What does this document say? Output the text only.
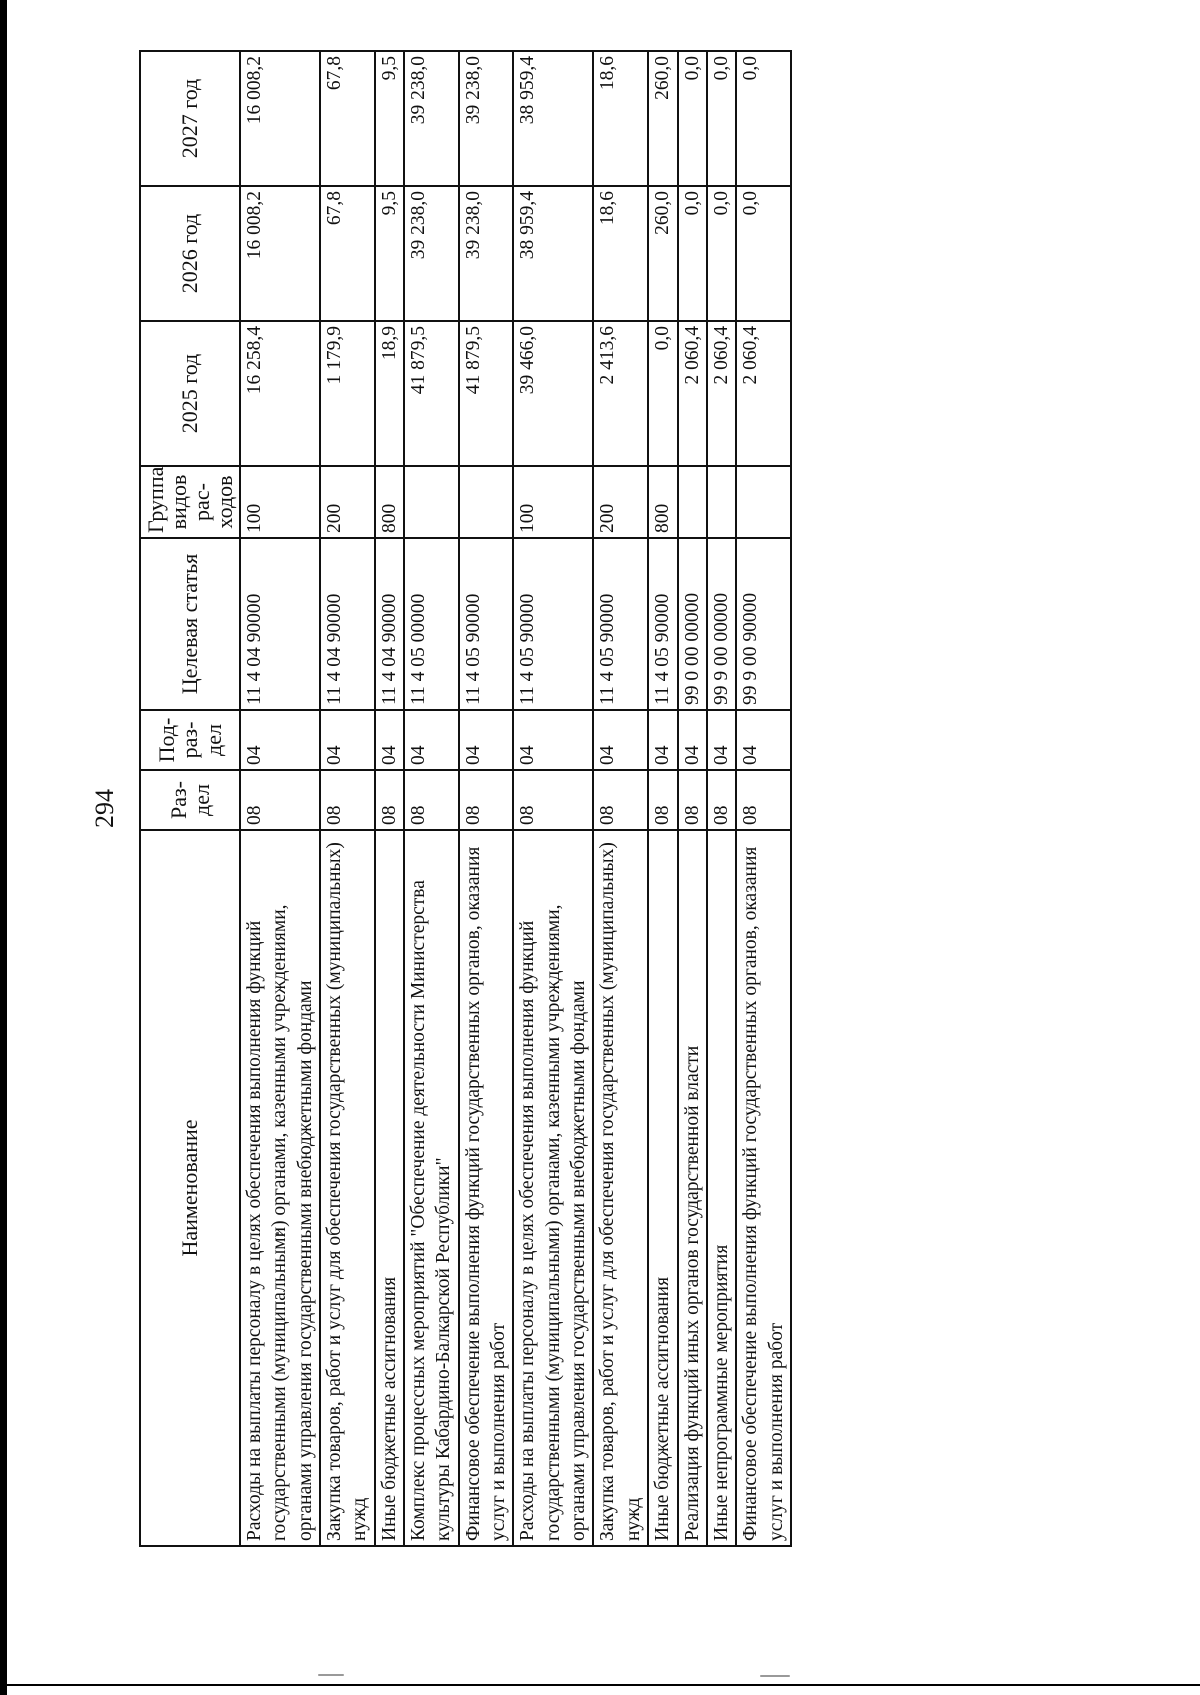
294
Наименование	Раз-дел	Под-раз-дел	Целевая статья	Группа видов рас-ходов	2025 год	2026 год	2027 год
Расходы на выплаты персоналу в целях обеспечения выполнения функций государственными (муниципальными) органами, казенными учреждениями, органами управления государственными внебюджетными фондами	08	04	11 4 04 90000	100	16 258,4	16 008,2	16 008,2
Закупка товаров, работ и услуг для обеспечения государственных (муниципальных) нужд	08	04	11 4 04 90000	200	1 179,9	67,8	67,8
Иные бюджетные ассигнования	08	04	11 4 04 90000	800	18,9	9,5	9,5
Комплекс процессных мероприятий "Обеспечение деятельности Министерства культуры Кабардино-Балкарской Республики"	08	04	11 4 05 00000		41 879,5	39 238,0	39 238,0
Финансовое обеспечение выполнения функций государственных органов, оказания услуг и выполнения работ	08	04	11 4 05 90000		41 879,5	39 238,0	39 238,0
Расходы на выплаты персоналу в целях обеспечения выполнения функций государственными (муниципальными) органами, казенными учреждениями, органами управления государственными внебюджетными фондами	08	04	11 4 05 90000	100	39 466,0	38 959,4	38 959,4
Закупка товаров, работ и услуг для обеспечения государственных (муниципальных) нужд	08	04	11 4 05 90000	200	2 413,6	18,6	18,6
Иные бюджетные ассигнования	08	04	11 4 05 90000	800	0,0	260,0	260,0
Реализация функций иных органов государственной власти	08	04	99 0 00 00000		2 060,4	0,0	0,0
Иные непрограммные мероприятия	08	04	99 9 00 00000		2 060,4	0,0	0,0
Финансовое обеспечение выполнения функций государственных органов, оказания услуг и выполнения работ	08	04	99 9 00 90000		2 060,4	0,0	0,0
